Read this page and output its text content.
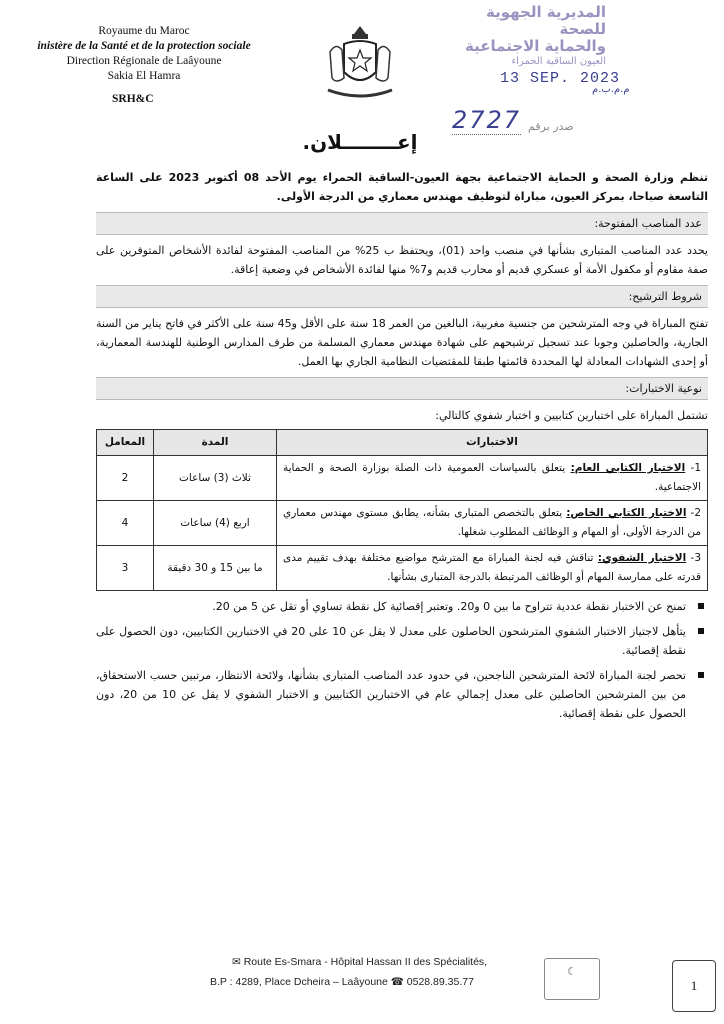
Royaume du Maroc
inistère de la Santé et de la protection sociale
Direction Régionale de Laâyoune
Sakia El Hamra
SRH&C
المديرية الجهوية للصحة
والحماية الاجتماعية
العيون الساقية الحمراء
13 SEP. 2023
م.م.ب.م
2727 صدر برقم
إعــــــــلان.

تنظم وزارة الصحة و الحماية الاجتماعية بجهة العيون-الساقية الحمراء يوم الأحد 08 أكتوبر 2023 على الساعة التاسعة صباحا، بمركز العيون، مباراة لتوظيف مهندس معماري من الدرجة الأولى.

عدد المناصب المفتوحة:

يحدد عدد المناصب المتبارى بشأنها في منصب واحد (01)، ويحتفظ ب 25% من المناصب المفتوحة لفائدة الأشخاص المتوفرين على صفة مقاوم أو مكفول الأمة أو عسكري قديم أو محارب قديم و7% منها لفائدة الأشخاص في وضعية إعاقة.

شروط الترشيح:

تفتح المباراة في وجه المترشحين من جنسية مغربية، البالغين من العمر 18 سنة على الأقل و45 سنة على الأكثر في فاتح يناير من السنة الجارية، والحاصلين وجوبا عند تسجيل ترشيحهم على شهادة مهندس معماري المسلمة من طرف المدارس الوطنية للهندسة المعمارية، أو إحدى الشهادات المعادلة لها المحددة قائمتها طبقا للمقتضيات النظامية الجاري بها العمل.

نوعية الاختبارات:

تشتمل المباراة على اختبارين كتابيين و اختبار شفوي كالتالي:

الاختبارات	المدة	المعامل
1- الاختبار الكتابي العام: يتعلق بالسياسات العمومية ذات الصلة بوزارة الصحة و الحماية الاجتماعية.	ثلاث (3) ساعات	2
2- الاختبار الكتابي الخاص: يتعلق بالتخصص المتبارى بشأنه، يطابق مستوى مهندس معماري من الدرجة الأولى، أو المهام و الوظائف المطلوب شغلها.	اربع (4) ساعات	4
3- الاختبار الشفوي: تناقش فيه لجنة المباراة مع المترشح مواضيع مختلفة بهدف تقييم مدى قدرته على ممارسة المهام أو الوظائف المرتبطة بالدرجة المتبارى بشأنها.	ما بين 15 و 30 دقيقة	3
تمنح عن الاختبار نقطة عددية تتراوح ما بين 0 و20. وتعتبر إقصائية كل نقطة تساوي أو تقل عن 5 من 20.
يتأهل لاجتياز الاختبار الشفوي المترشحون الحاصلون على معدل لا يقل عن 10 على 20 في الاختبارين الكتابيين، دون الحصول على نقطة إقصائية.
تحصر لجنة المباراة لائحة المترشحين الناجحين، في حدود عدد المناصب المتبارى بشأنها، ولائحة الانتظار، مرتبين حسب الاستحقاق، من بين المترشحين الحاصلين على معدل إجمالي عام في الاختبارين الكتابيين و الاختبار الشفوي لا يقل عن 10 من 20، دون الحصول على نقطة إقصائية.
✉ Route Es-Smara - Hôpital Hassan II des Spécialités,
B.P : 4289, Place Dcheira – Laâyoune ☎ 0528.89.35.77
☾
1
